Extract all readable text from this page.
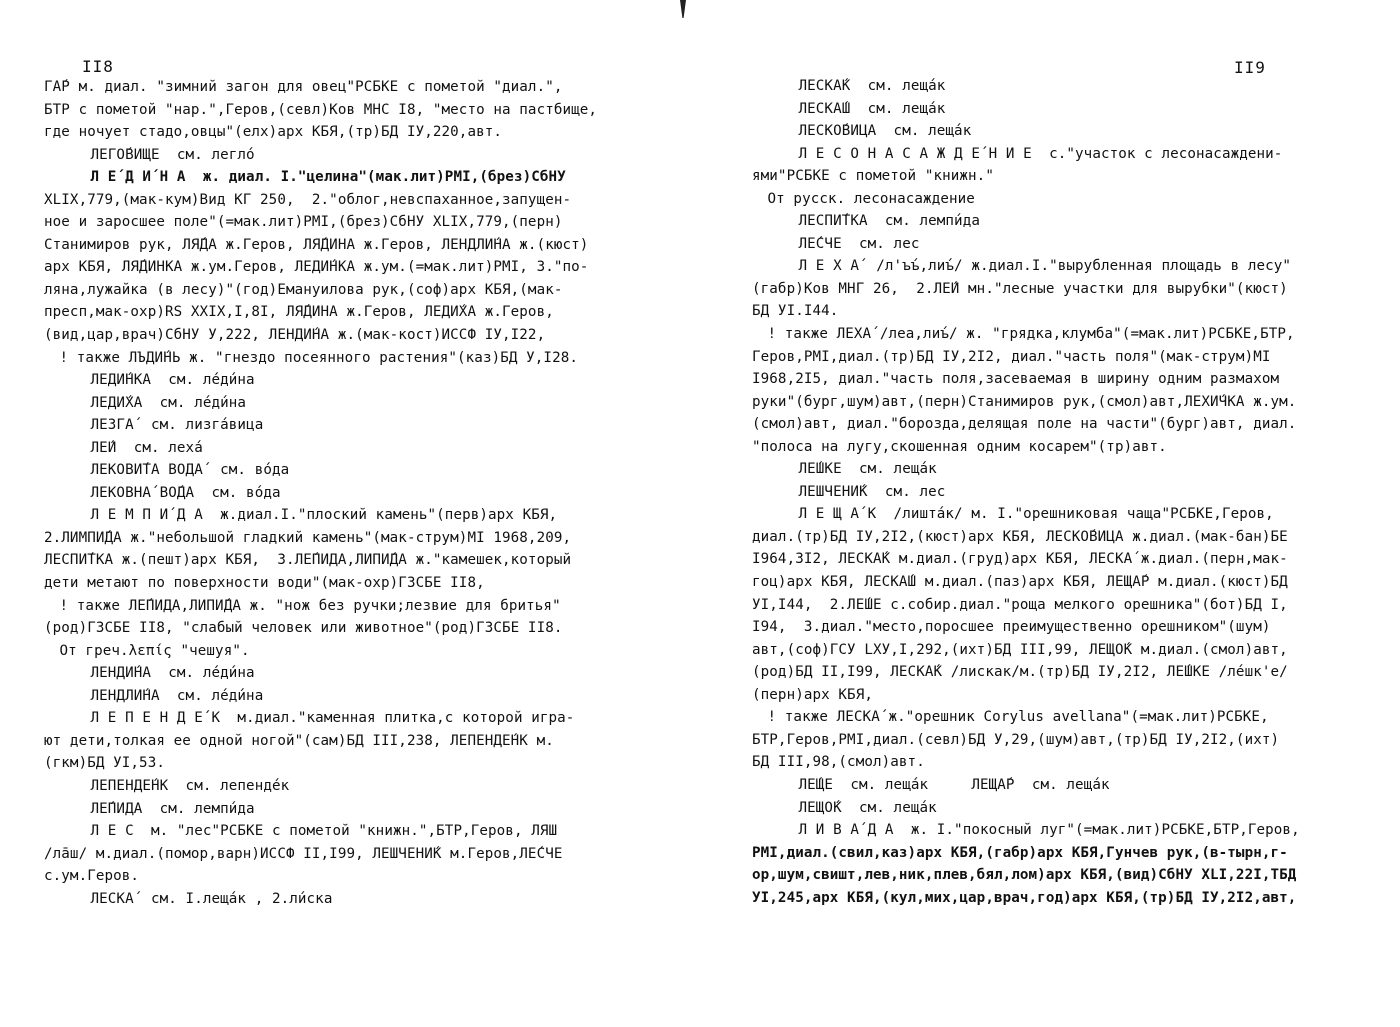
II8
ГА́Р м. диал. "зимний загон для овец"РСБКЕ с пометой "диал.",
БТР с пометой "нар.",Геров,(севл)Ков МНС I8, "место на пастбище,
где ночует стадо,овцы"(елх)арх КБЯ,(тр)БД IУ,220,авт.
ЛЕГО́ВИЩЕ  см. легло́
Л Е́ Д И́ Н А  ж. диал. I."целина"(мак.лит)РМI,(брез)СбНУ
XLIX,779,(мак-кум)Вид КГ 250,  2."облог,невспаханное,запущен-
ное и заросшее поле"(=мак.лит)РМI,(брез)СбНУ XLIX,779,(перн)
Станимиров рук, ЛЯ́ДА ж.Геров, ЛЯ́ДИНА ж.Геров, ЛЕНДЛИ́НА ж.(кюст)
арх КБЯ, ЛЯ́ДИНКА ж.ум.Геров, ЛЕДИ́НКА ж.ум.(=мак.лит)РМI, 3."по-
ляна,лужайка (в лесу)"(год)Емануилова рук,(соф)арх КБЯ,(мак-
пресп,мак-охр)RS XXIX,I,8I, ЛЯ́ДИНА ж.Геров, ЛЕДИ́ХА ж.Геров,
(вид,цар,врач)СбНУ У,222, ЛЕНДИ́НА ж.(мак-кост)ИССФ IУ,I22,
! также ЛЪДИ́НЬ ж. "гнездо посеянного растения"(каз)БД У,I28.
ЛЕДИ́НКА  см. ле́ди́на
ЛЕДИ́ХА  см. ле́ди́на
ЛЕЗГА́  см. лизга́вица
ЛЕ́И  см. леха́
ЛЕКОВИ́ТА ВОДА́  см. во́да
ЛЕКОВНА́ ВО́ДА  см. во́да
Л Е М П И́ Д А  ж.диал.I."плоский камень"(перв)арх КБЯ,
2.ЛИМПИ́ДА ж."небольшой гладкий камень"(мак-струм)МI 1968,209,
ЛЕСПИ́ТКА ж.(пешт)арх КБЯ,  3.ЛЕ́ПИДА,ЛИПИ́ДА ж."камешек,который
дети метают по поверхности води"(мак-охр)ГЗСБЕ II8,
! также ЛЕ́ПИДА,ЛИПИ́ДА ж. "нож без ручки;лезвие для бритья"
(род)ГЗСБЕ II8, "слабый человек или животное"(род)ГЗСБЕ II8.
От греч.λεπίς "чешуя".
ЛЕНДИ́НА  см. ле́ди́на
ЛЕНДЛИ́НА  см. ле́ди́на
Л Е П Е Н Д Е́ К  м.диал."каменная плитка,с которой игра-
ют дети,толкая ее одной ногой"(сам)БД III,238, ЛЕПЕНДЕ́НК м.
(гкм)БД УI,53.
ЛЕПЕНДЕ́НК  см. лепенде́к
ЛЕ́ПИДА  см. лемпи́да
Л Е С  м. "лес"РСБКЕ с пометой "книжн.",БТР,Геров, ЛЯШ
/ла̄ш/ м.диал.(помор,варн)ИССФ II,I99, ЛЕШЧЕНИ́К м.Геров,ЛЕ́СЧЕ
с.ум.Геров.
ЛЕСКА́  см. I.леща́к , 2.ли́ска
II9
ЛЕСКА́К  см. леща́к
ЛЕСКА́Ш  см. леща́к
ЛЕСКО́ВИЦА  см. леща́к
Л Е С О Н А С А Ж Д Е́ Н И Е  с."участок с лесонасаждени-
ями"РСБКЕ с пометой "книжн."
От русск. лесонасаждение
ЛЕСПИ́ТКА  см. лемпи́да
ЛЕ́СЧЕ  см. лес
Л Е Х А́  /л'ъъ́,лиъ́/ ж.диал.I."вырубленная площадь в лесу"
(габр)Ков МНГ 26,  2.ЛЕ́И мн."лесные участки для вырубки"(кюст)
БД УI.I44.
! также ЛЕХА́ /леа,лиъ́/ ж. "грядка,клумба"(=мак.лит)РСБКЕ,БТР,
Геров,РМI,диал.(тр)БД IУ,2I2, диал."часть поля"(мак-струм)МI
I968,2I5, диал."часть поля,засеваемая в ширину одним размахом
руки"(бург,шум)авт,(перн)Станимиров рук,(смол)авт,ЛЕХИ́ЧКА ж.ум.
(смол)авт, диал."борозда,делящая поле на части"(бург)авт, диал.
"полоса на лугу,скошенная одним косарем"(тр)авт.
ЛЕ́ШКЕ  см. леща́к
ЛЕШЧЕНИ́К  см. лес
Л Е Щ А́ К  /лишта́к/ м. I."орешниковая чаща"РСБКЕ,Геров,
диал.(тр)БД IУ,2I2,(кюст)арх КБЯ, ЛЕСКО́ВИЦА ж.диал.(мак-бан)БЕ
I964,3I2, ЛЕСКА́К м.диал.(груд)арх КБЯ, ЛЕСКА́ ж.диал.(перн,мак-
гоц)арх КБЯ, ЛЕСКА́Ш м.диал.(паз)арх КБЯ, ЛЕЩА́Р м.диал.(кюст)БД
УI,I44,  2.ЛЕ́ШЕ с.собир.диал."роща мелкого орешника"(бот)БД I,
I94,  3.диал."место,поросшее преимущественно орешником"(шум)
авт,(соф)ГСУ LХУ,I,292,(ихт)БД III,99, ЛЕЩО́К м.диал.(смол)авт,
(род)БД II,I99, ЛЕСКА́К /лискак/м.(тр)БД IУ,2I2, ЛЕ́ШКЕ /ле́шк'е/
(перн)арх КБЯ,
! также ЛЕСКА́ ж."орешник Corylus avellana"(=мак.лит)РСБКЕ,
БТР,Геров,РМI,диал.(севл)БД У,29,(шум)авт,(тр)БД IУ,2I2,(ихт)
БД III,98,(смол)авт.
ЛЕ́ЩЕ  см. леща́к     ЛЕЩА́Р  см. леща́к
ЛЕЩО́К  см. леща́к
Л И В А́ Д А  ж. I."покосный луг"(=мак.лит)РСБКЕ,БТР,Геров,
РМI,диал.(свил,каз)арх КБЯ,(габр)арх КБЯ,Гунчев рук,(в-тырн,г-
ор,шум,свишт,лев,ник,плев,бял,лом)арх КБЯ,(вид)СбНУ XLI,22I,ТБД
УI,245,арх КБЯ,(кул,мих,цар,врач,год)арх КБЯ,(тр)БД IУ,2I2,авт,
